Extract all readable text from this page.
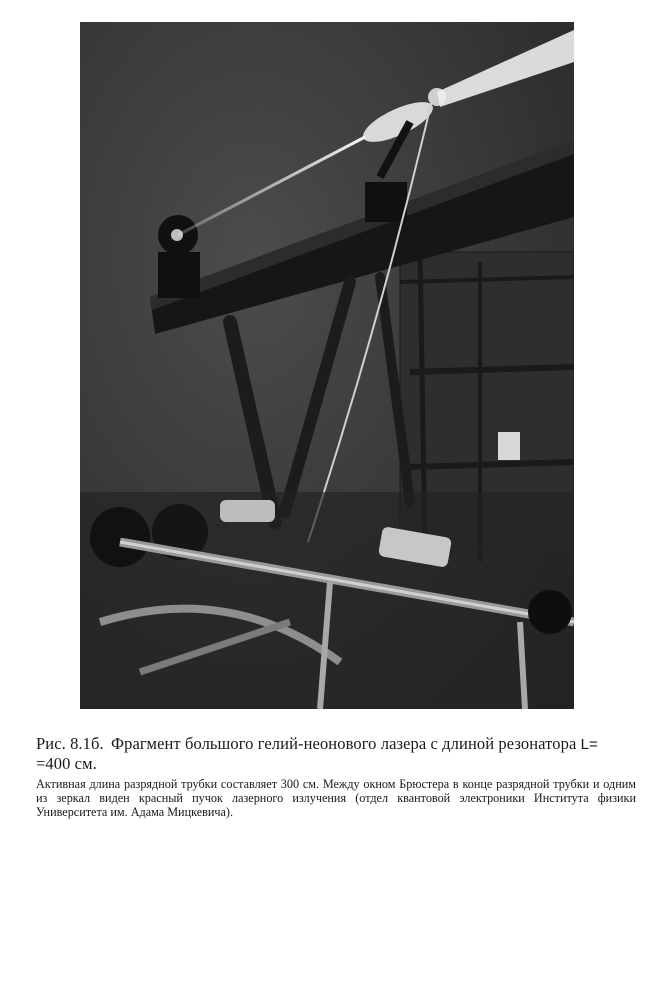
Рис. 8.1б. Фрагмент большого гелий-неонового лазера с длиной резонатора L=
=400 см.

Активная длина разрядной трубки составляет 300 см. Между окном Брюстера в конце разрядной трубки и одним из зеркал виден красный пучок лазерного излучения (отдел квантовой электроники Института физики Университета им. Адама Мицкевича).
